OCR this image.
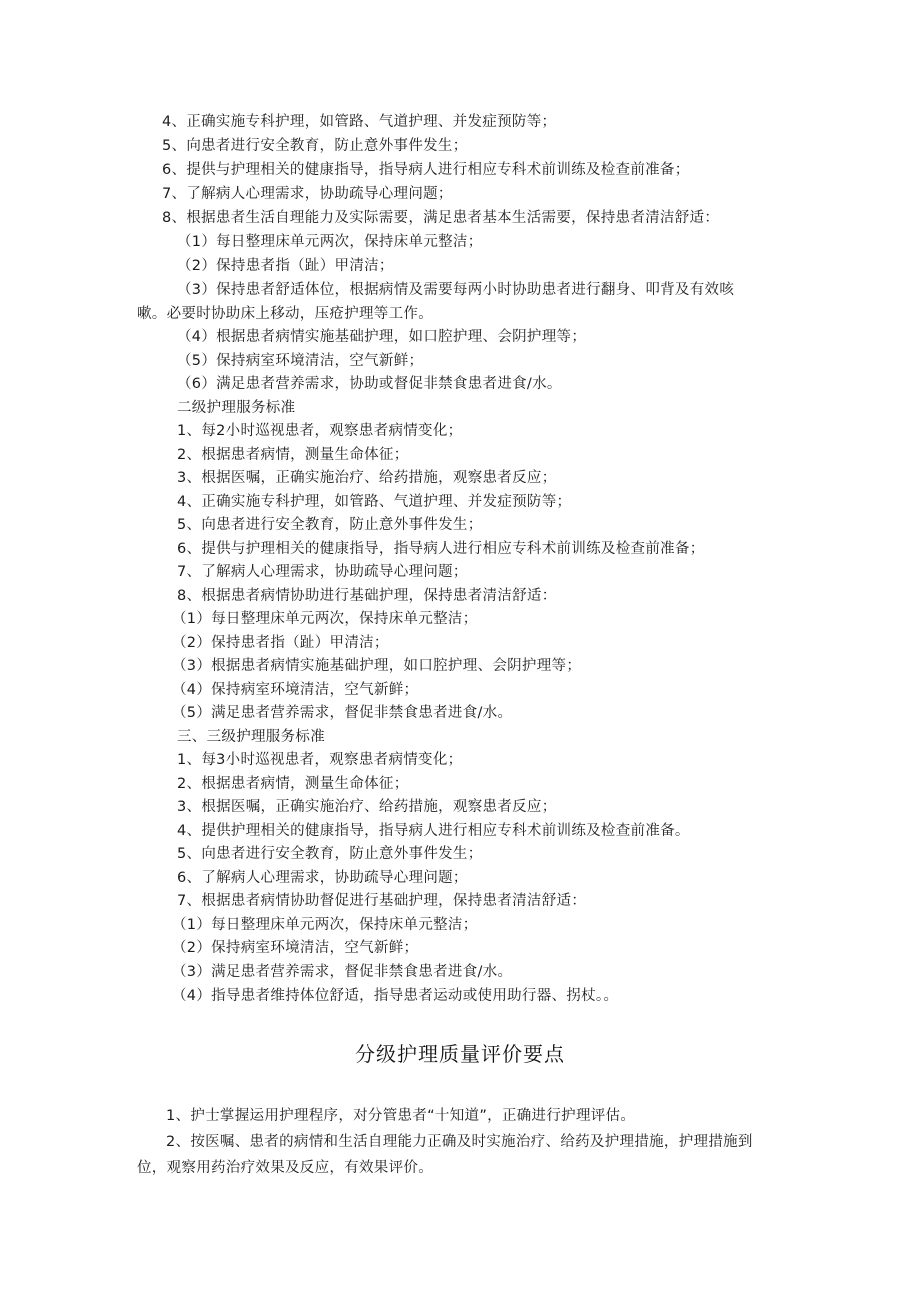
4、正确实施专科护理，如管路、气道护理、并发症预防等；
5、向患者进行安全教育，防止意外事件发生；
6、提供与护理相关的健康指导，指导病人进行相应专科术前训练及检查前准备；
7、了解病人心理需求，协助疏导心理问题；
8、根据患者生活自理能力及实际需要，满足患者基本生活需要，保持患者清洁舒适：
（1）每日整理床单元两次，保持床单元整洁；
（2）保持患者指（趾）甲清洁；
（3）保持患者舒适体位，根据病情及需要每两小时协助患者进行翻身、叩背及有效咳
嗽。必要时协助床上移动，压疮护理等工作。
（4）根据患者病情实施基础护理，如口腔护理、会阴护理等；
（5）保持病室环境清洁，空气新鲜；
（6）满足患者营养需求，协助或督促非禁食患者进食/水。
二级护理服务标准
1、每2小时巡视患者，观察患者病情变化；
2、根据患者病情，测量生命体征；
3、根据医嘱，正确实施治疗、给药措施，观察患者反应；
4、正确实施专科护理，如管路、气道护理、并发症预防等；
5、向患者进行安全教育，防止意外事件发生；
6、提供与护理相关的健康指导，指导病人进行相应专科术前训练及检查前准备；
7、了解病人心理需求，协助疏导心理问题；
8、根据患者病情协助进行基础护理，保持患者清洁舒适：
（1）每日整理床单元两次，保持床单元整洁；
（2）保持患者指（趾）甲清洁；
（3）根据患者病情实施基础护理，如口腔护理、会阴护理等；
（4）保持病室环境清洁，空气新鲜；
（5）满足患者营养需求，督促非禁食患者进食/水。
三、三级护理服务标准
1、每3小时巡视患者，观察患者病情变化；
2、根据患者病情，测量生命体征；
3、根据医嘱，正确实施治疗、给药措施，观察患者反应；
4、提供护理相关的健康指导，指导病人进行相应专科术前训练及检查前准备。
5、向患者进行安全教育，防止意外事件发生；
6、了解病人心理需求，协助疏导心理问题；
7、根据患者病情协助督促进行基础护理，保持患者清洁舒适：
（1）每日整理床单元两次，保持床单元整洁；
（2）保持病室环境清洁，空气新鲜；
（3）满足患者营养需求，督促非禁食患者进食/水。
（4）指导患者维持体位舒适，指导患者运动或使用助行器、拐杖。。
分级护理质量评价要点
1、护士掌握运用护理程序，对分管患者“十知道”，正确进行护理评估。
2、按医嘱、患者的病情和生活自理能力正确及时实施治疗、给药及护理措施，护理措施到
位，观察用药治疗效果及反应，有效果评价。
